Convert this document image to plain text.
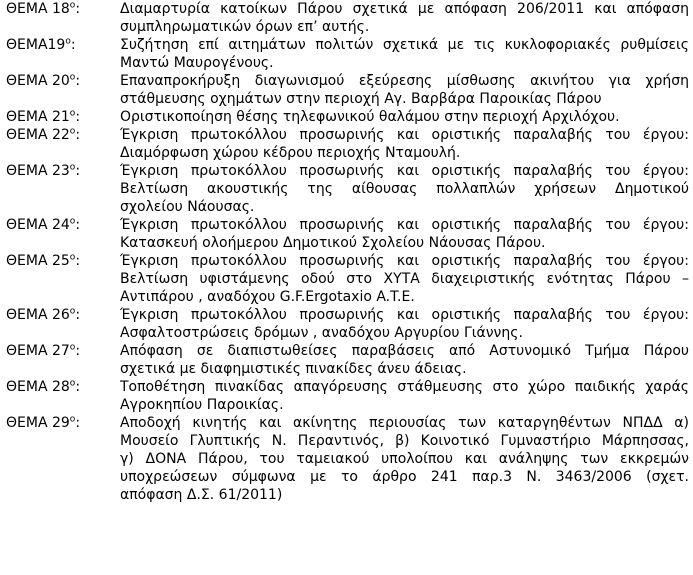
ΘΕΜΑ $18^o$:	Διαμαρτυρία κατοίκων Πάρου σχετικά με απόφαση 206/2011 και απόφαση
συμπληρωματικών όρων επ’ αυτής.
$\Theta EMA19^o$:	Συζήτηση επί αιτημάτων πολιτών σχετικά με τις κυκλοφοριακές ρυθμίσεις
Μαντώ Μαυρογένους.
ΘΕΜΑ $20^o$:	Επαναπροκήρυξη διαγωνισμού εξεύρεσης μίσθωσης ακινήτου για χρήση
στάθμευσης οχημάτων στην περιοχή Αγ. Βαρβάρα Παροικίας Πάρου
ΘΕΜΑ $21^o$:	Οριστικοποίηση θέσης τηλεφωνικού θαλάμου στην περιοχή Αρχιλόχου.
ΘΕΜΑ $22^o$:	Έγκριση πρωτοκόλλου προσωρινής και οριστικής παραλαβής του έργου:
Διαμόρφωση χώρου κέδρου περιοχής Νταμουλή.
ΘΕΜΑ $23^o$:	Έγκριση πρωτοκόλλου προσωρινής και οριστικής παραλαβής του έργου:
Βελτίωση ακουστικής της αίθουσας πολλαπλών χρήσεων Δημοτικού
σχολείου Νάουσας.
ΘΕΜΑ $24^o$:	Έγκριση πρωτοκόλλου προσωρινής και οριστικής παραλαβής του έργου:
Κατασκευή ολοήμερου Δημοτικού Σχολείου Νάουσας Πάρου.
ΘΕΜΑ $25^o$:	Έγκριση πρωτοκόλλου προσωρινής και οριστικής παραλαβής του έργου:
Βελτίωση υφιστάμενης οδού στο ΧΥΤΑ διαχειριστικής ενότητας Πάρου –
Αντιπάρου , αναδόχου G.F.Ergotaxio A.T.E.
ΘΕΜΑ $26^o$:	Έγκριση πρωτοκόλλου προσωρινής και οριστικής παραλαβής του έργου:
Ασφαλτοστρώσεις δρόμων , αναδόχου Αργυρίου Γιάννης.
ΘΕΜΑ $27^o$:	Απόφαση σε διαπιστωθείσες παραβάσεις από Αστυνομικό Τμήμα Πάρου
σχετικά με διαφημιστικές πινακίδες άνευ άδειας.
ΘΕΜΑ $28^o$:	Τοποθέτηση πινακίδας απαγόρευσης στάθμευσης στο χώρο παιδικής χαράς
Αγροκηπίου Παροικίας.
ΘΕΜΑ $29^o$:	Αποδοχή κινητής και ακίνητης περιουσίας των καταργηθέντων ΝΠΔΔ α)
Μουσείο Γλυπτικής Ν. Περαντινός, β) Κοινοτικό Γυμναστήριο Μάρπησσας,
γ) ΔΟΝΑ Πάρου, του ταμειακού υπολοίπου και ανάληψης των εκκρεμών
υποχρεώσεων σύμφωνα με το άρθρο 241 παρ.3 Ν. 3463/2006 (σχετ.
απόφαση Δ.Σ. 61/2011)
